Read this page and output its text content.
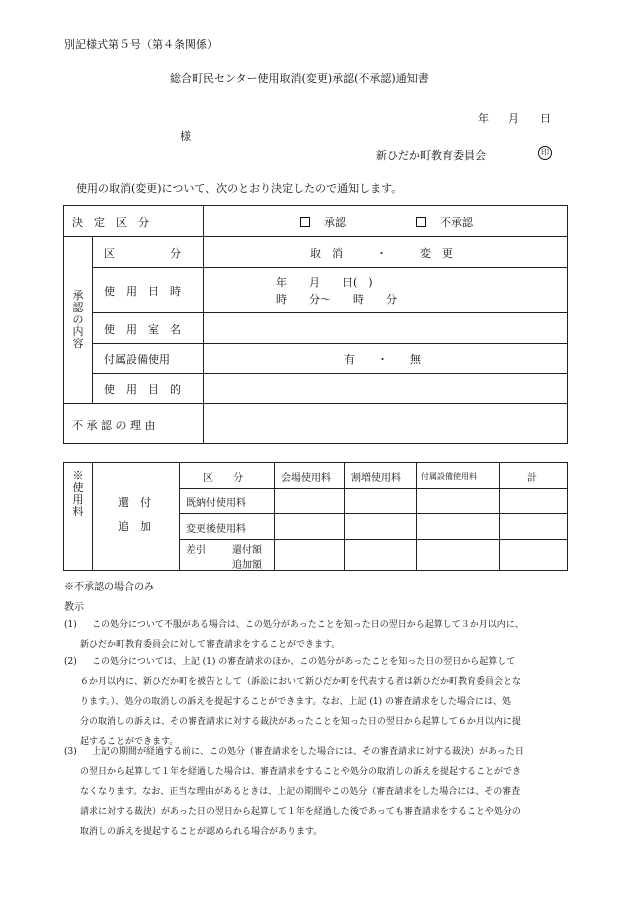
別記様式第５号（第４条関係）
総合町民センター使用取消(変更)承認(不承認)通知書
年 月 日
様
新ひだか町教育委員会	印
使用の取消(変更)について、次のとおり決定したので通知します。
決　定　区　分	承認	不承認
承認の内容
区　　　　　分	取　消　　　・　　　変　更
使　用　日　時
年　　月　　日(　)
時　　分～　　時　　分
使　用　室　名
付属設備使用	有　　・　　無
使　用　目　的
不 承 認 の 理 由
※使用料
還　付
追　加
区　　分	会場使用料 割増使用料	付属設備使用料	計
既納付使用料
変更後使用料
差引	還付額
追加額
※不承認の場合のみ
教示
(1)	この処分について不服がある場合は、この処分があったことを知った日の翌日から起算して３か月以内に、
新ひだか町教育委員会に対して審査請求をすることができます。
(2)	この処分については、上記 (1) の審査請求のほか、この処分があったことを知った日の翌日から起算して
６か月以内に、新ひだか町を被告として（訴訟において新ひだか町を代表する者は新ひだか町教育委員会とな
ります。）、処分の取消しの訴えを提起することができます。なお、上記 (1) の審査請求をした場合には、処
分の取消しの訴えは、その審査請求に対する裁決があったことを知った日の翌日から起算して６か月以内に提
起することができます。
(3)	上記の期間が経過する前に、この処分（審査請求をした場合には、その審査請求に対する裁決）があった日
の翌日から起算して１年を経過した場合は、審査請求をすることや処分の取消しの訴えを提起することができ
なくなります。なお、正当な理由があるときは、上記の期間やこの処分（審査請求をした場合には、その審査
請求に対する裁決）があった日の翌日から起算して１年を経過した後であっても審査請求をすることや処分の
取消しの訴えを提起することが認められる場合があります。
